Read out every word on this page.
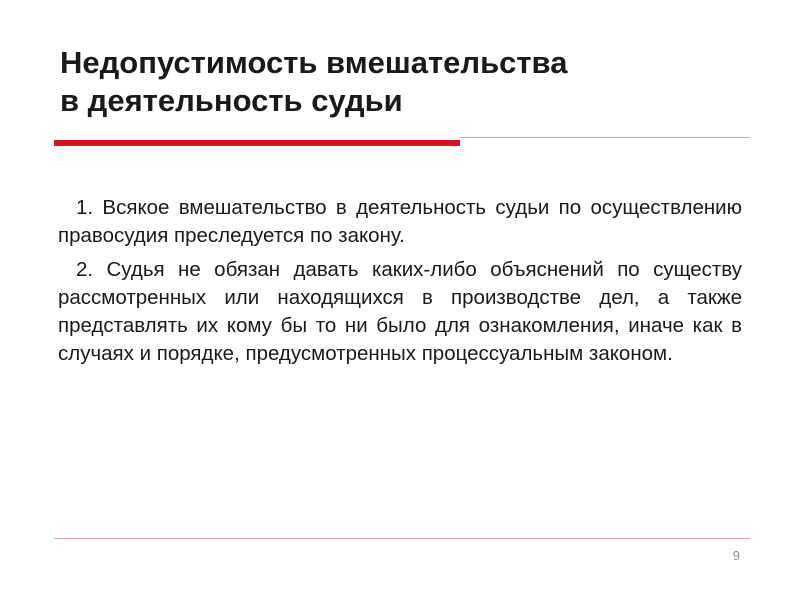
Недопустимость вмешательства
в деятельность судьи

1. Всякое вмешательство в деятельность судьи по осуществлению правосудия преследуется по закону.

2. Судья не обязан давать каких-либо объяснений по существу рассмотренных или находящихся в производстве дел, а также представлять их кому бы то ни было для ознакомления, иначе как в случаях и порядке, предусмотренных процессуальным законом.

9
